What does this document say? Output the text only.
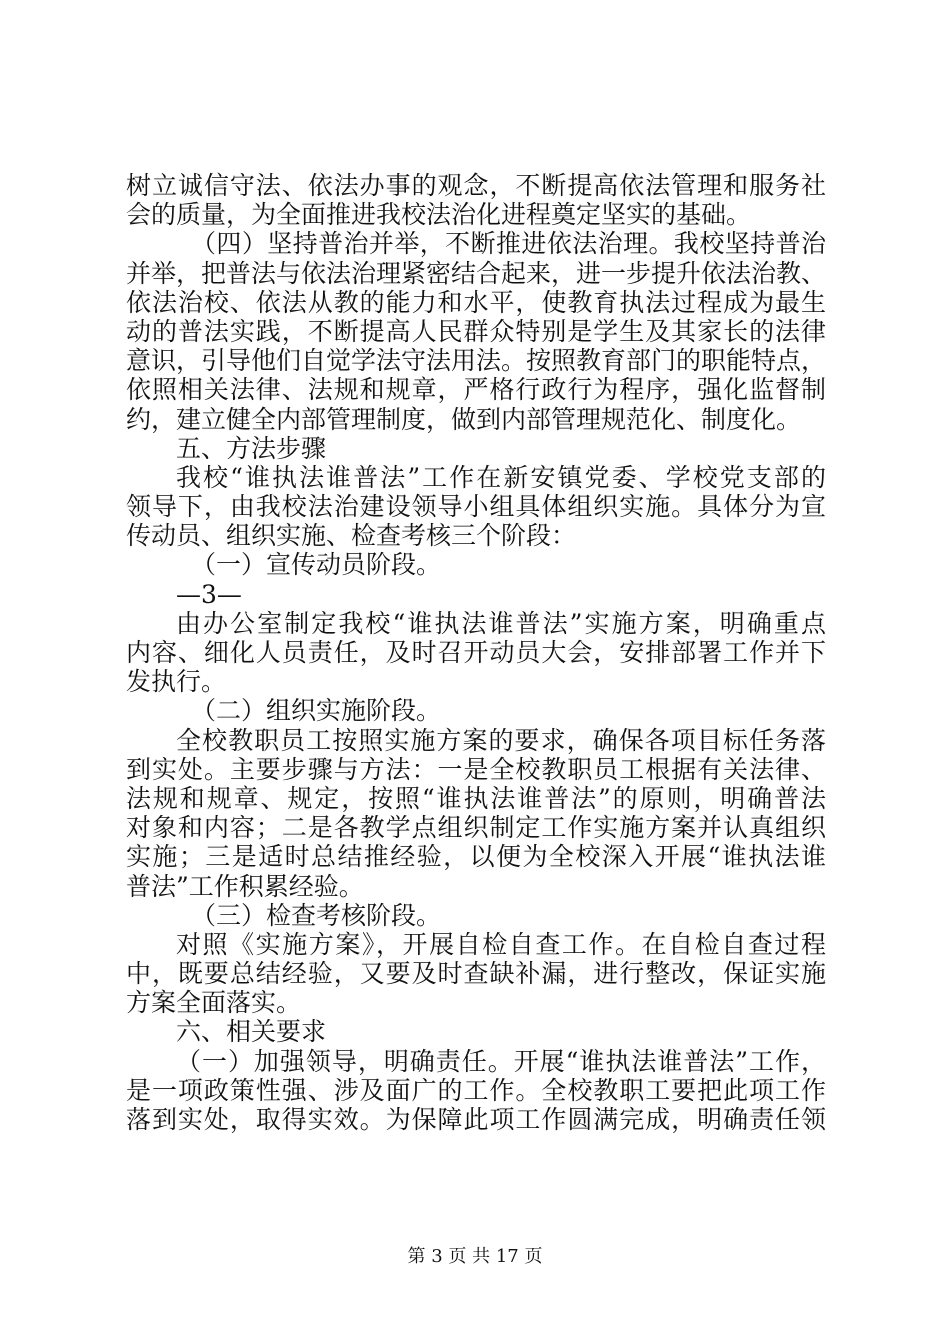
树立诚信守法、依法办事的观念，不断提高依法管理和服务社
会的质量，为全面推进我校法治化进程奠定坚实的基础。
（四）坚持普治并举，不断推进依法治理。我校坚持普治
并举，把普法与依法治理紧密结合起来，进一步提升依法治教、
依法治校、依法从教的能力和水平，使教育执法过程成为最生
动的普法实践，不断提高人民群众特别是学生及其家长的法律
意识，引导他们自觉学法守法用法。按照教育部门的职能特点，
依照相关法律、法规和规章，严格行政行为程序，强化监督制
约，建立健全内部管理制度，做到内部管理规范化、制度化。
五、方法步骤
我校“谁执法谁普法”工作在新安镇党委、学校党支部的
领导下，由我校法治建设领导小组具体组织实施。具体分为宣
传动员、组织实施、检查考核三个阶段：
（一）宣传动员阶段。
—3—
由办公室制定我校“谁执法谁普法”实施方案，明确重点
内容、细化人员责任，及时召开动员大会，安排部署工作并下
发执行。
（二）组织实施阶段。
全校教职员工按照实施方案的要求，确保各项目标任务落
到实处。主要步骤与方法：一是全校教职员工根据有关法律、
法规和规章、规定，按照“谁执法谁普法”的原则，明确普法
对象和内容；二是各教学点组织制定工作实施方案并认真组织
实施；三是适时总结推经验，以便为全校深入开展“谁执法谁
普法”工作积累经验。
（三）检查考核阶段。
对照《实施方案》，开展自检自查工作。在自检自查过程
中，既要总结经验，又要及时查缺补漏，进行整改，保证实施
方案全面落实。
六、相关要求
（一）加强领导，明确责任。开展“谁执法谁普法”工作，
是一项政策性强、涉及面广的工作。全校教职工要把此项工作
落到实处，取得实效。为保障此项工作圆满完成，明确责任领
第 3 页 共 17 页
